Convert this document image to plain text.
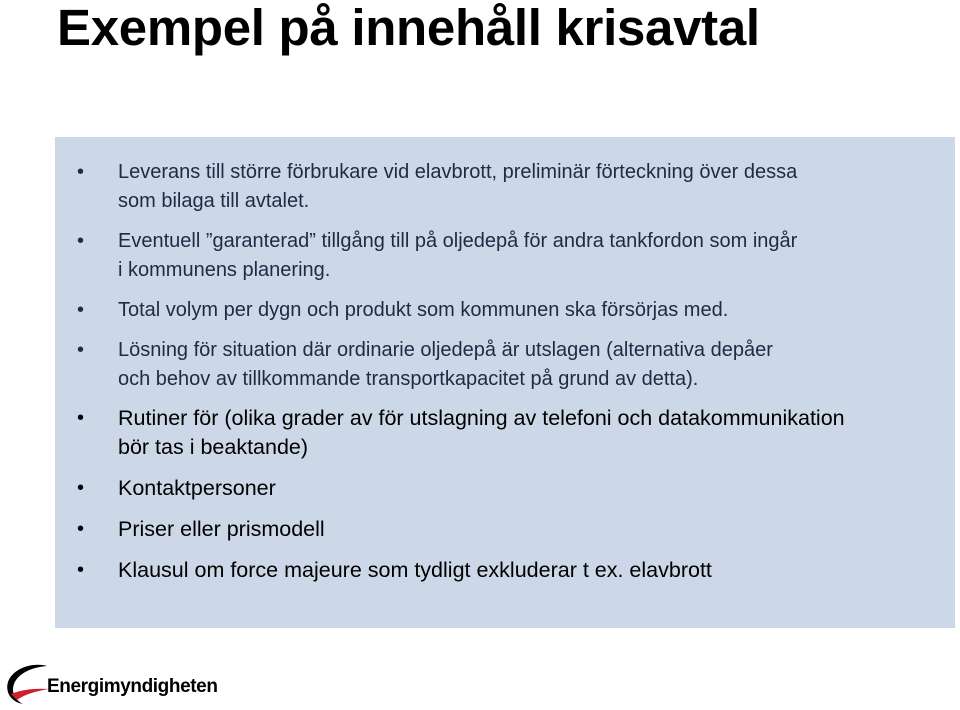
Exempel på innehåll krisavtal
• Leverans till större förbrukare vid elavbrott, preliminär förteckning över dessa
som bilaga till avtalet.
• Eventuell ”garanterad” tillgång till på oljedepå för andra tankfordon som ingår
i kommunens planering.
• Total volym per dygn och produkt som kommunen ska försörjas med.
• Lösning för situation där ordinarie oljedepå är utslagen (alternativa depåer
och behov av tillkommande transportkapacitet på grund av detta).
• Rutiner för (olika grader av för utslagning av telefoni och datakommunikation
bör tas i beaktande)
• Kontaktpersoner
• Priser eller prismodell
• Klausul om force majeure som tydligt exkluderar t ex. elavbrott
Energimyndigheten
